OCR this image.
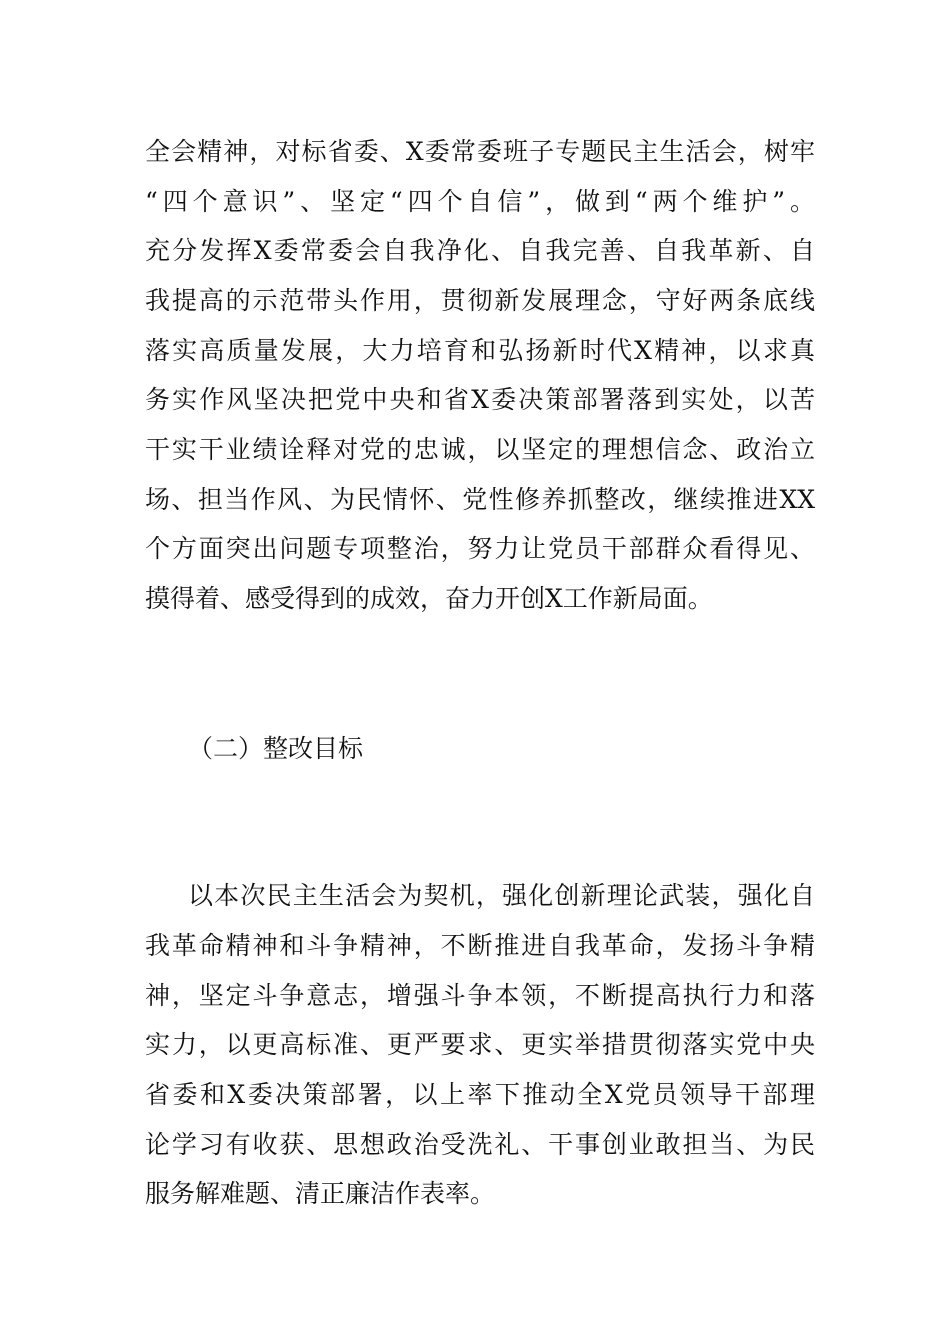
全会精神，对标省委、X委常委班子专题民主生活会，树牢
“四个意识”、坚定“四个自信”，做到“两个维护”。
充分发挥X委常委会自我净化、自我完善、自我革新、自
我提高的示范带头作用，贯彻新发展理念，守好两条底线
落实高质量发展，大力培育和弘扬新时代X精神，以求真
务实作风坚决把党中央和省X委决策部署落到实处，以苦
干实干业绩诠释对党的忠诚，以坚定的理想信念、政治立
场、担当作风、为民情怀、党性修养抓整改，继续推进XX
个方面突出问题专项整治，努力让党员干部群众看得见、
摸得着、感受得到的成效，奋力开创X工作新局面。
（二）整改目标
以本次民主生活会为契机，强化创新理论武装，强化自
我革命精神和斗争精神，不断推进自我革命，发扬斗争精
神，坚定斗争意志，增强斗争本领，不断提高执行力和落
实力，以更高标准、更严要求、更实举措贯彻落实党中央
省委和X委决策部署，以上率下推动全X党员领导干部理
论学习有收获、思想政治受洗礼、干事创业敢担当、为民
服务解难题、清正廉洁作表率。
